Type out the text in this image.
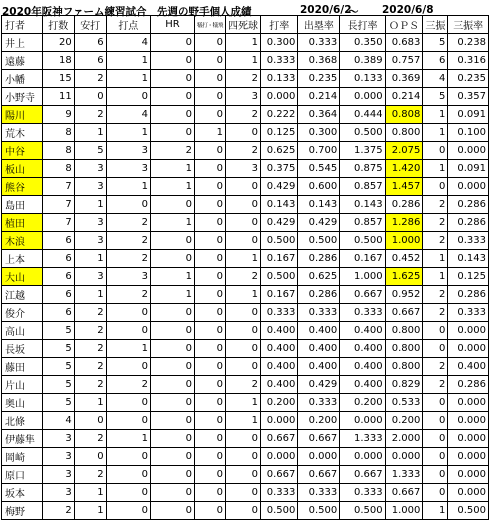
2020年阪神ファーム練習試合　先週の野手個人成績	2020/6/2
～ 2020/6/8
打者	打数	安打	打点	HR	犠打・犠飛	四死球	打率	出塁率	長打率	ＯＰＳ	三振	三振率
井上	20	6	4	0	0	1	0.300	0.333	0.350	0.683	5	0.238
遠藤	18	6	1	0	0	1	0.333	0.368	0.389	0.757	6	0.316
小幡	15	2	1	0	0	2	0.133	0.235	0.133	0.369	4	0.235
小野寺	11	0	0	0	0	3	0.000	0.214	0.000	0.214	5	0.357
陽川	9	2	4	0	0	2	0.222	0.364	0.444	0.808	1	0.091
荒木	8	1	1	0	1	0	0.125	0.300	0.500	0.800	1	0.100
中谷	8	5	3	2	0	2	0.625	0.700	1.375	2.075	0	0.000
板山	8	3	3	1	0	3	0.375	0.545	0.875	1.420	1	0.091
熊谷	7	3	1	1	0	0	0.429	0.600	0.857	1.457	0	0.000
島田	7	1	0	0	0	0	0.143	0.143	0.143	0.286	2	0.286
植田	7	3	2	1	0	0	0.429	0.429	0.857	1.286	2	0.286
木浪	6	3	2	0	0	0	0.500	0.500	0.500	1.000	2	0.333
上本	6	1	2	0	0	1	0.167	0.286	0.167	0.452	1	0.143
大山	6	3	3	1	0	2	0.500	0.625	1.000	1.625	1	0.125
江越	6	1	2	1	0	1	0.167	0.286	0.667	0.952	2	0.286
俊介	6	2	0	0	0	0	0.333	0.333	0.333	0.667	2	0.333
高山	5	2	0	0	0	0	0.400	0.400	0.400	0.800	0	0.000
長坂	5	2	1	0	0	0	0.400	0.400	0.400	0.800	0	0.000
藤田	5	2	0	0	0	0	0.400	0.400	0.400	0.800	2	0.400
片山	5	2	2	0	0	2	0.400	0.429	0.400	0.829	2	0.286
奥山	5	1	0	0	0	1	0.200	0.333	0.200	0.533	0	0.000
北條	4	0	0	0	0	1	0.000	0.200	0.000	0.200	0	0.000
伊藤隼	3	2	1	0	0	0	0.667	0.667	1.333	2.000	0	0.000
岡崎	3	0	0	0	0	0	0.000	0.000	0.000	0.000	0	0.000
原口	3	2	0	0	0	0	0.667	0.667	0.667	1.333	0	0.000
坂本	3	1	0	0	0	0	0.333	0.333	0.333	0.667	0	0.000
梅野	2	1	0	0	0	0	0.500	0.500	0.500	1.000	1	0.500
